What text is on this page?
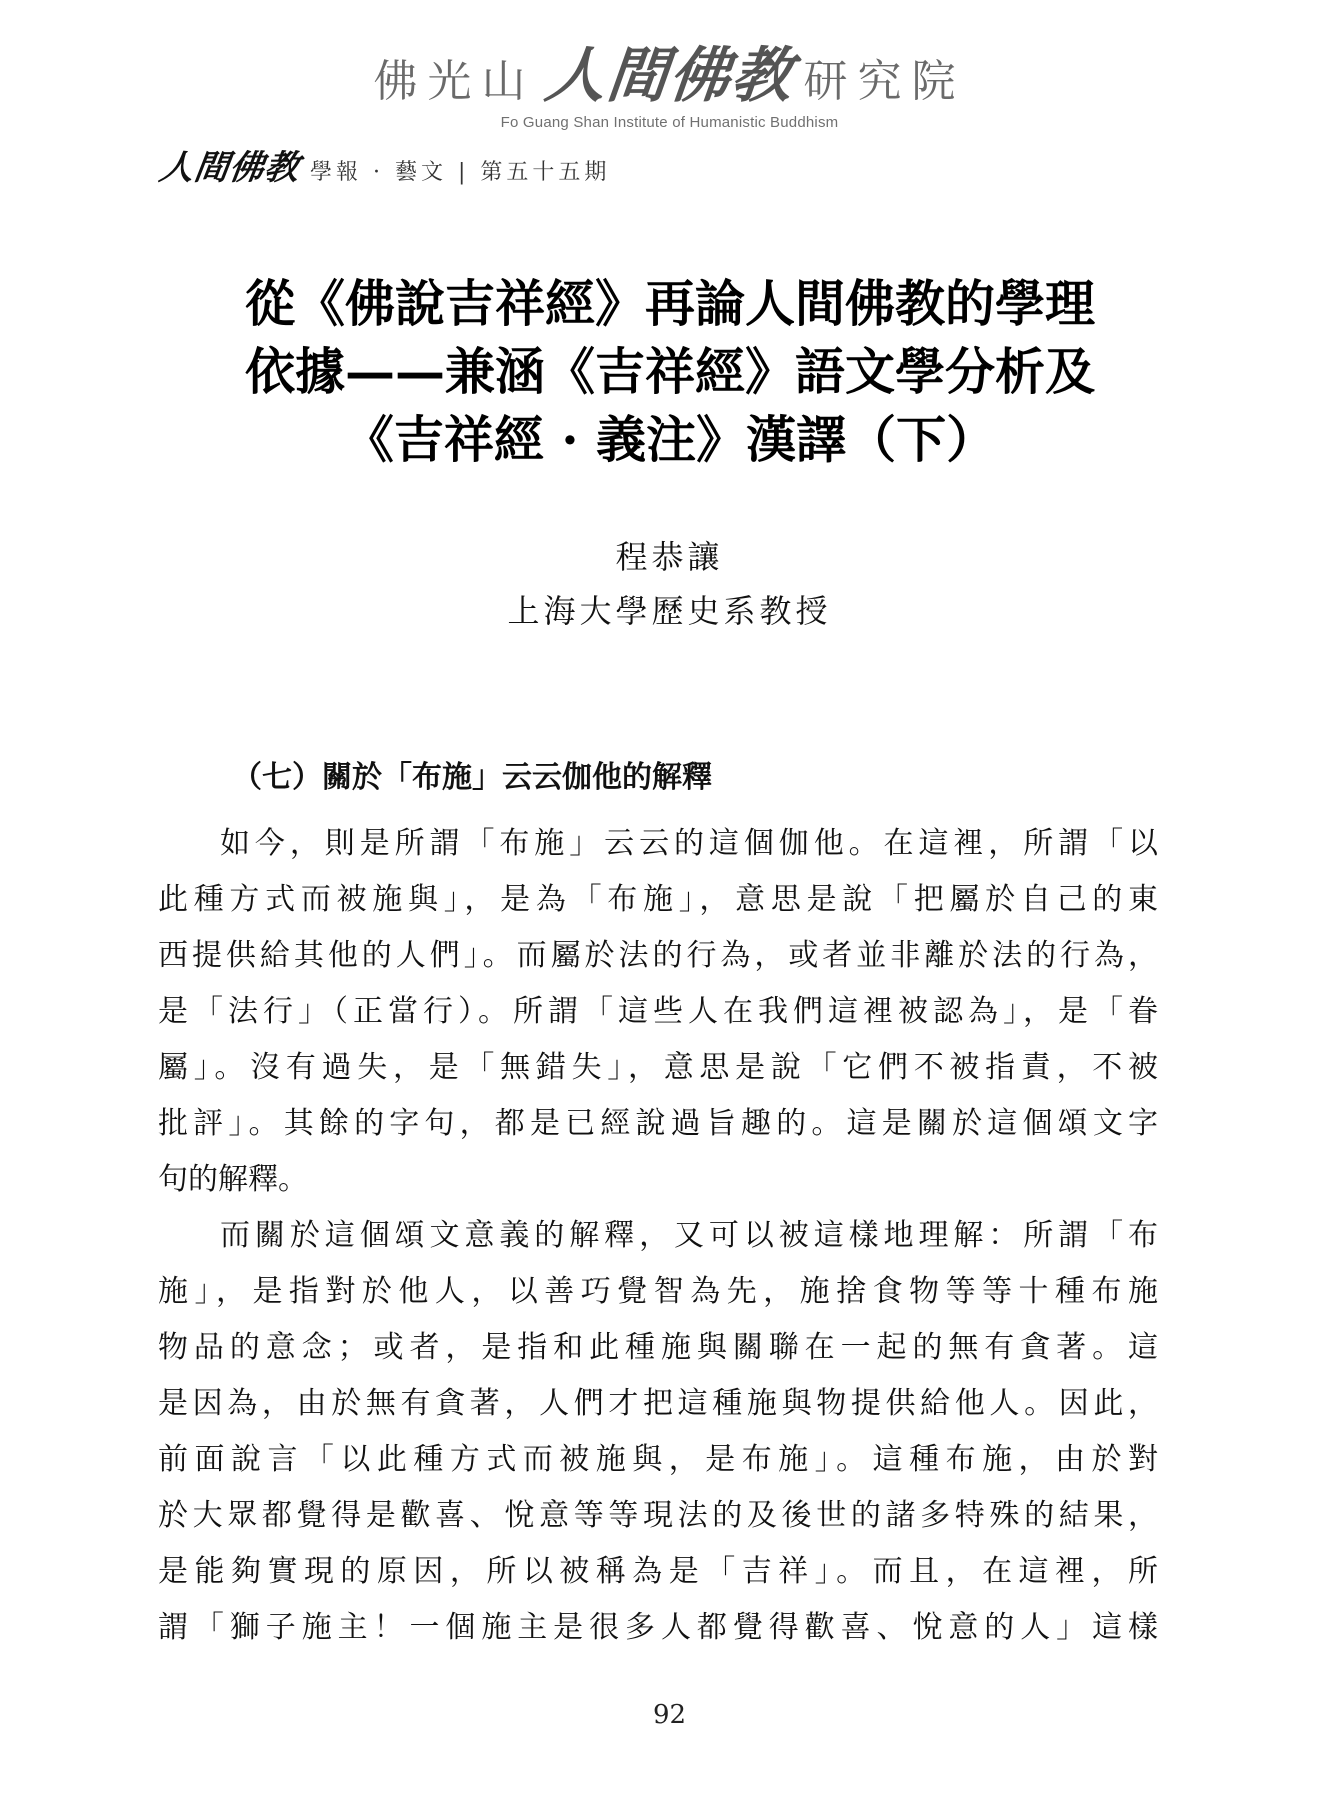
佛光山 人間佛教 研究院
Fo Guang Shan Institute of Humanistic Buddhism
人間佛教 學報 · 藝文 | 第五十五期
從《佛說吉祥經》再論人間佛教的學理
依據——兼涵《吉祥經》語文學分析及
《吉祥經 · 義注》漢譯（下）
程恭讓
上海大學歷史系教授
（七）關於「布施」云云伽他的解釋

如今，則是所謂「布施」云云的這個伽他。在這裡，所謂「以
此種方式而被施與」，是為「布施」，意思是說「把屬於自己的東
西提供給其他的人們」。而屬於法的行為，或者並非離於法的行為，
是「法行」（正當行）。所謂「這些人在我們這裡被認為」，是「眷
屬」。沒有過失，是「無錯失」，意思是說「它們不被指責，不被
批評」。其餘的字句，都是已經說過旨趣的。這是關於這個頌文字
句的解釋。

而關於這個頌文意義的解釋，又可以被這樣地理解：所謂「布
施」，是指對於他人，以善巧覺智為先，施捨食物等等十種布施
物品的意念；或者，是指和此種施與關聯在一起的無有貪著。這
是因為，由於無有貪著，人們才把這種施與物提供給他人。因此，
前面說言「以此種方式而被施與，是布施」。這種布施，由於對
於大眾都覺得是歡喜、悅意等等現法的及後世的諸多特殊的結果，
是能夠實現的原因，所以被稱為是「吉祥」。而且，在這裡，所
謂「獅子施主！一個施主是很多人都覺得歡喜、悅意的人」這樣

92
